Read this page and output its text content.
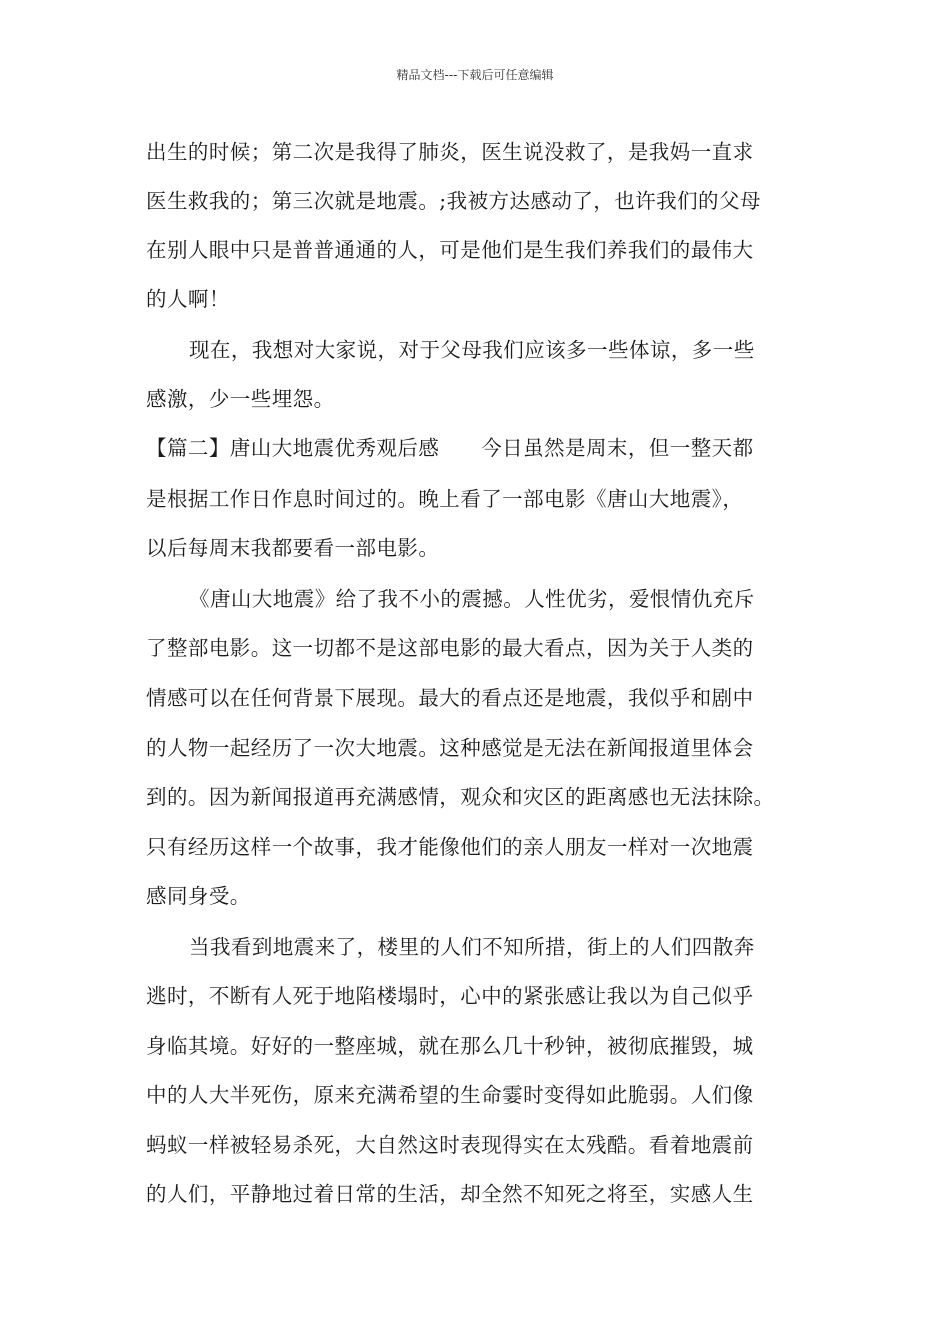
精品文档---下载后可任意编辑
出生的时候；第二次是我得了肺炎，医生说没救了，是我妈一直求
医生救我的；第三次就是地震。;我被方达感动了，也许我们的父母
在别人眼中只是普普通通的人，可是他们是生我们养我们的最伟大
的人啊！
现在，我想对大家说，对于父母我们应该多一些体谅，多一些
感激，少一些埋怨。
【篇二】唐山大地震优秀观后感　　今日虽然是周末，但一整天都
是根据工作日作息时间过的。晚上看了一部电影《唐山大地震》，
以后每周末我都要看一部电影。
《唐山大地震》给了我不小的震撼。人性优劣，爱恨情仇充斥
了整部电影。这一切都不是这部电影的最大看点，因为关于人类的
情感可以在任何背景下展现。最大的看点还是地震，我似乎和剧中
的人物一起经历了一次大地震。这种感觉是无法在新闻报道里体会
到的。因为新闻报道再充满感情，观众和灾区的距离感也无法抹除。
只有经历这样一个故事，我才能像他们的亲人朋友一样对一次地震
感同身受。
当我看到地震来了，楼里的人们不知所措，街上的人们四散奔
逃时，不断有人死于地陷楼塌时，心中的紧张感让我以为自己似乎
身临其境。好好的一整座城，就在那么几十秒钟，被彻底摧毁，城
中的人大半死伤，原来充满希望的生命霎时变得如此脆弱。人们像
蚂蚁一样被轻易杀死，大自然这时表现得实在太残酷。看着地震前
的人们，平静地过着日常的生活，却全然不知死之将至，实感人生
